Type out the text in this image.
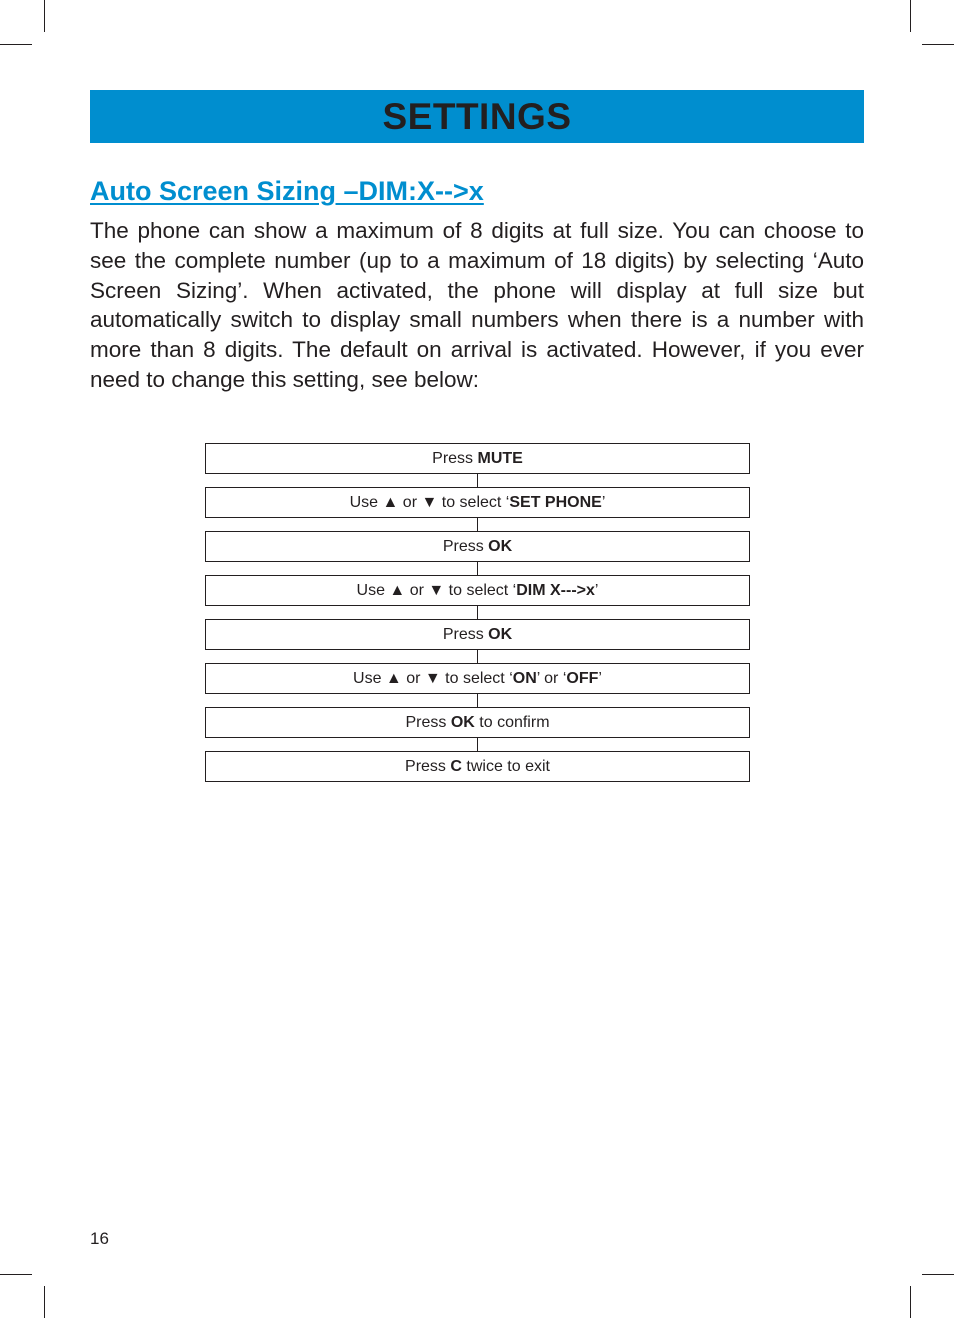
SETTINGS
Auto Screen Sizing –DIM:X-->x

The phone can show a maximum of 8 digits at full size. You can choose to see the complete number (up to a maximum of 18 digits) by selecting ‘Auto Screen Sizing’. When activated, the phone will display at full size but automatically switch to display small numbers when there is a number with more than 8 digits. The default on arrival is activated. However, if you ever need to change this setting, see below:

Press MUTE
Use ▲ or ▼ to select ‘ SET PHONE ’
Press OK
Use ▲ or ▼ to select ‘ DIM X--->x ’
Press OK
Use ▲ or ▼ to select ‘ ON ’ or ‘ OFF ’
Press OK to confirm
Press C twice to exit

16
